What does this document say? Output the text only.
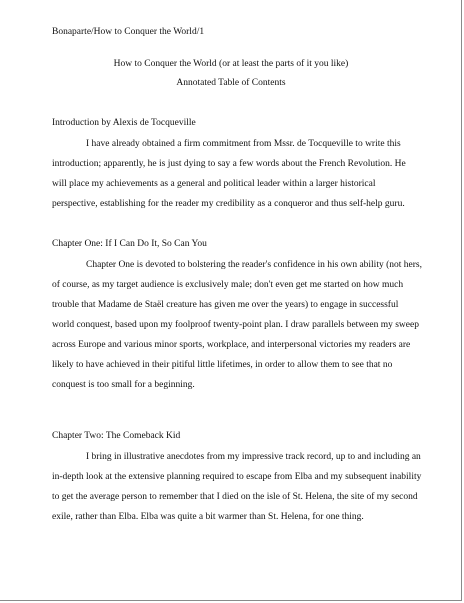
Bonaparte/How to Conquer the World/1
How to Conquer the World (or at least the parts of it you like)
Annotated Table of Contents
Introduction by Alexis de Tocqueville
I have already obtained a firm commitment from Mssr. de Tocqueville to write this
introduction; apparently, he is just dying to say a few words about the French Revolution. He
will place my achievements as a general and political leader within a larger historical
perspective, establishing for the reader my credibility as a conqueror and thus self-help guru.
Chapter One: If I Can Do It, So Can You
Chapter One is devoted to bolstering the reader's confidence in his own ability (not hers,
of course, as my target audience is exclusively male; don't even get me started on how much
trouble that Madame de Staël creature has given me over the years) to engage in successful
world conquest, based upon my foolproof twenty-point plan. I draw parallels between my sweep
across Europe and various minor sports, workplace, and interpersonal victories my readers are
likely to have achieved in their pitiful little lifetimes, in order to allow them to see that no
conquest is too small for a beginning.
Chapter Two: The Comeback Kid
I bring in illustrative anecdotes from my impressive track record, up to and including an
in-depth look at the extensive planning required to escape from Elba and my subsequent inability
to get the average person to remember that I died on the isle of St. Helena, the site of my second
exile, rather than Elba. Elba was quite a bit warmer than St. Helena, for one thing.
